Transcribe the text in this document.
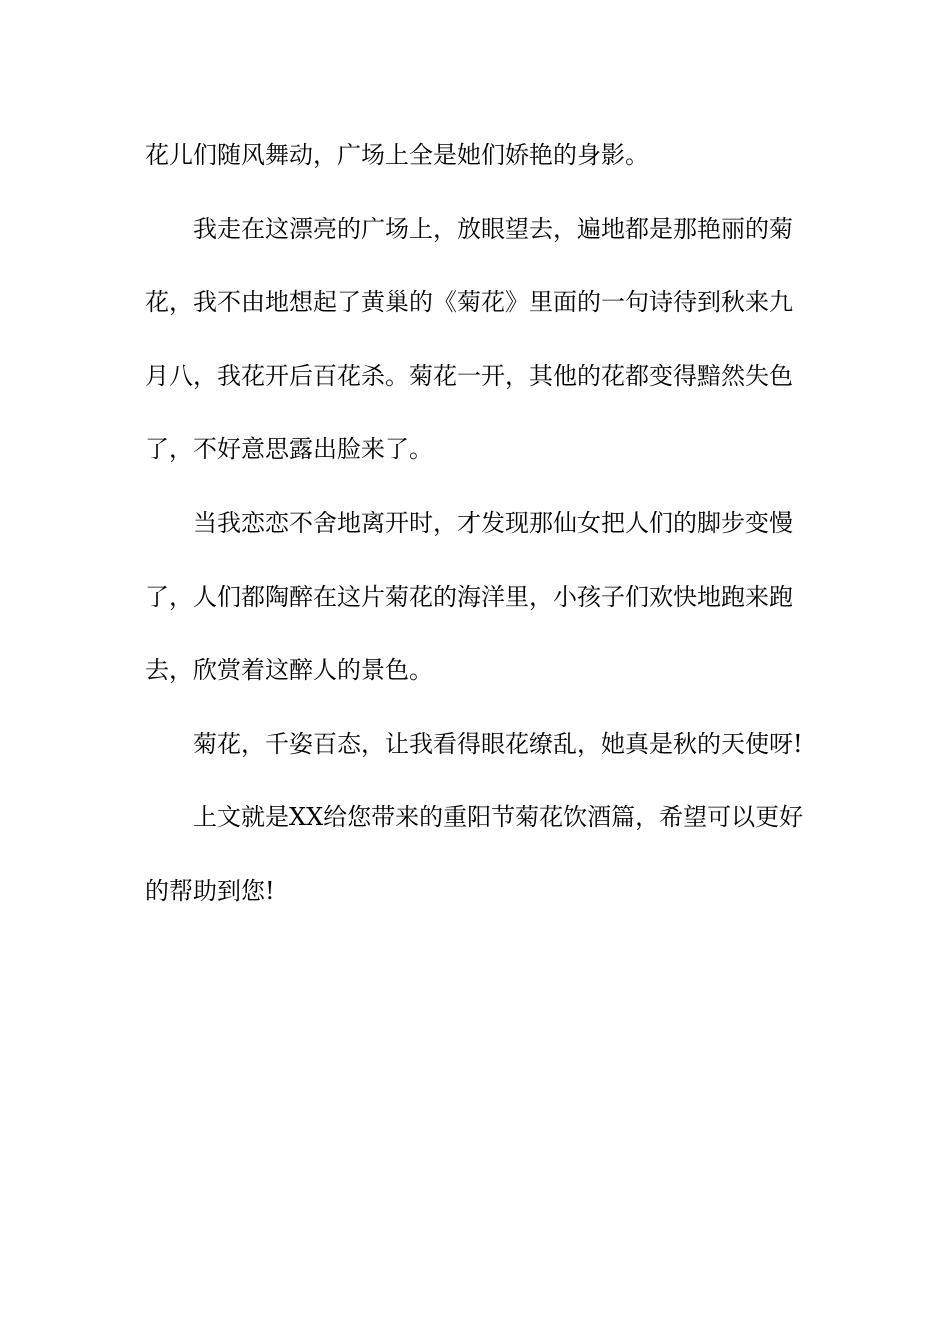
花儿们随风舞动，广场上全是她们娇艳的身影。

我走在这漂亮的广场上，放眼望去，遍地都是那艳丽的菊
花，我不由地想起了黄巢的《菊花》里面的一句诗待到秋来九
月八，我花开后百花杀。菊花一开，其他的花都变得黯然失色
了，不好意思露出脸来了。

当我恋恋不舍地离开时，才发现那仙女把人们的脚步变慢
了，人们都陶醉在这片菊花的海洋里，小孩子们欢快地跑来跑
去，欣赏着这醉人的景色。

菊花，千姿百态，让我看得眼花缭乱，她真是秋的天使呀!

上文就是XX给您带来的重阳节菊花饮酒篇，希望可以更好
的帮助到您!
